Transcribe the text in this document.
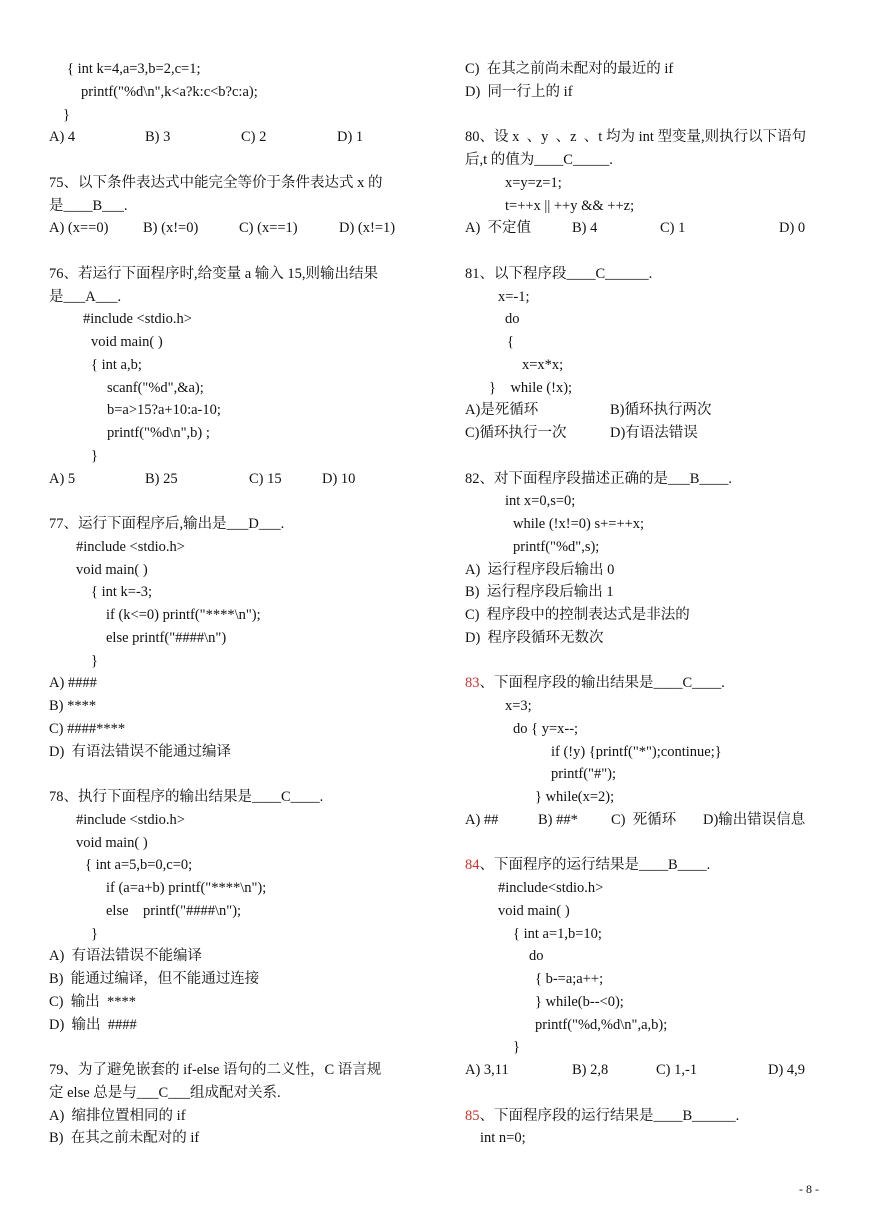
{ int k=4,a=3,b=2,c=1;
printf("%d\n",k<a?k:c<b?c:a);
}
A) 4	B) 3	C) 2	D) 1
75、以下条件表达式中能完全等价于条件表达式 x 的
是____B___.
A) (x==0) B) (x!=0)	C) (x==1)	D) (x!=1)
76、若运行下面程序时,给变量 a 输入 15,则输出结果
是___A___.
#include <stdio.h>
void main( )
{ int a,b;
scanf("%d",&a);
b=a>15?a+10:a-10;
printf("%d\n",b) ;
}
A) 5	B) 25	C) 15	D) 10
77、运行下面程序后,输出是___D___.
#include <stdio.h>
void main( )
{ int k=-3;
if (k<=0) printf("****\n");
else printf("####\n")
}
A) ####
B) ****
C) ####****
D)  有语法错误不能通过编译
78、执行下面程序的输出结果是____C____.
#include <stdio.h>
void main( )
{ int a=5,b=0,c=0;
if (a=a+b) printf("****\n");
else    printf("####\n");
}
A)  有语法错误不能编译
B)  能通过编译，但不能通过连接
C)  输出  ****
D)  输出  ####
79、为了避免嵌套的 if-else 语句的二义性，C 语言规
定 else 总是与___C___组成配对关系.
A)  缩排位置相同的 if
B)  在其之前未配对的 if
C)  在其之前尚未配对的最近的 if
D)  同一行上的 if
80、设 x  、y  、z  、t 均为 int 型变量,则执行以下语句
后,t 的值为____C_____.
x=y=z=1;
t=++x || ++y && ++z;
A)  不定值	B) 4	C) 1	D) 0
81、以下程序段____C______.
x=-1;
do
{
x=x*x;
}    while (!x);
A)是死循环	B)循环执行两次
C)循环执行一次	D)有语法错误
82、对下面程序段描述正确的是___B____.
int x=0,s=0;
while (!x!=0) s+=++x;
printf("%d",s);
A)  运行程序段后输出 0
B)  运行程序段后输出 1
C)  程序段中的控制表达式是非法的
D)  程序段循环无数次
83、下面程序段的输出结果是____C____.
x=3;
do { y=x--;
if (!y) {printf("*");continue;}
printf("#");
} while(x=2);
A) ##	B) ##* C)  死循环 D)输出错误信息
84、下面程序的运行结果是____B____.
#include<stdio.h>
void main( )
{ int a=1,b=10;
do
{ b-=a;a++;
} while(b--<0);
printf("%d,%d\n",a,b);
}
A) 3,11	B) 2,8	C) 1,-1	D) 4,9
85、下面程序段的运行结果是____B______.
int n=0;
- 8 -
